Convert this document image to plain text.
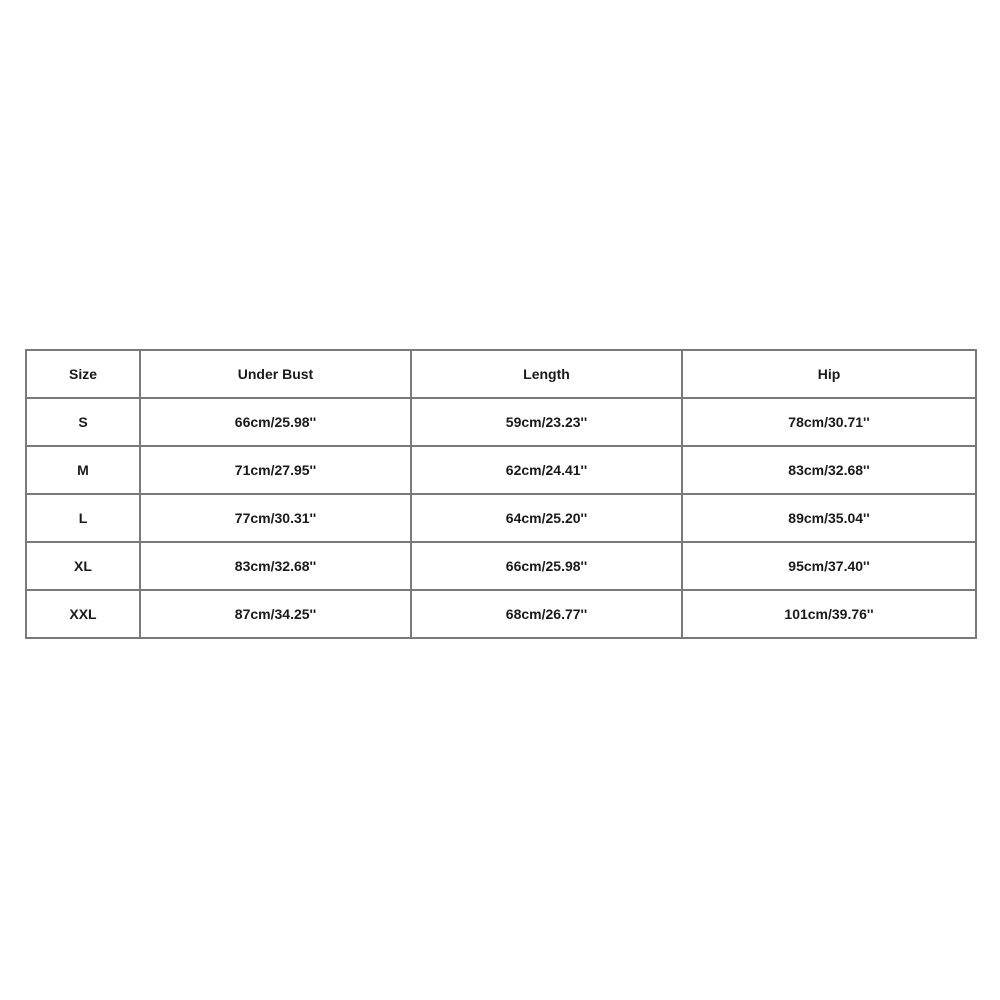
Size	Under Bust	Length	Hip
S	66cm/25.98''	59cm/23.23''	78cm/30.71''
M	71cm/27.95''	62cm/24.41''	83cm/32.68''
L	77cm/30.31''	64cm/25.20''	89cm/35.04''
XL	83cm/32.68''	66cm/25.98''	95cm/37.40''
XXL	87cm/34.25''	68cm/26.77''	101cm/39.76''
